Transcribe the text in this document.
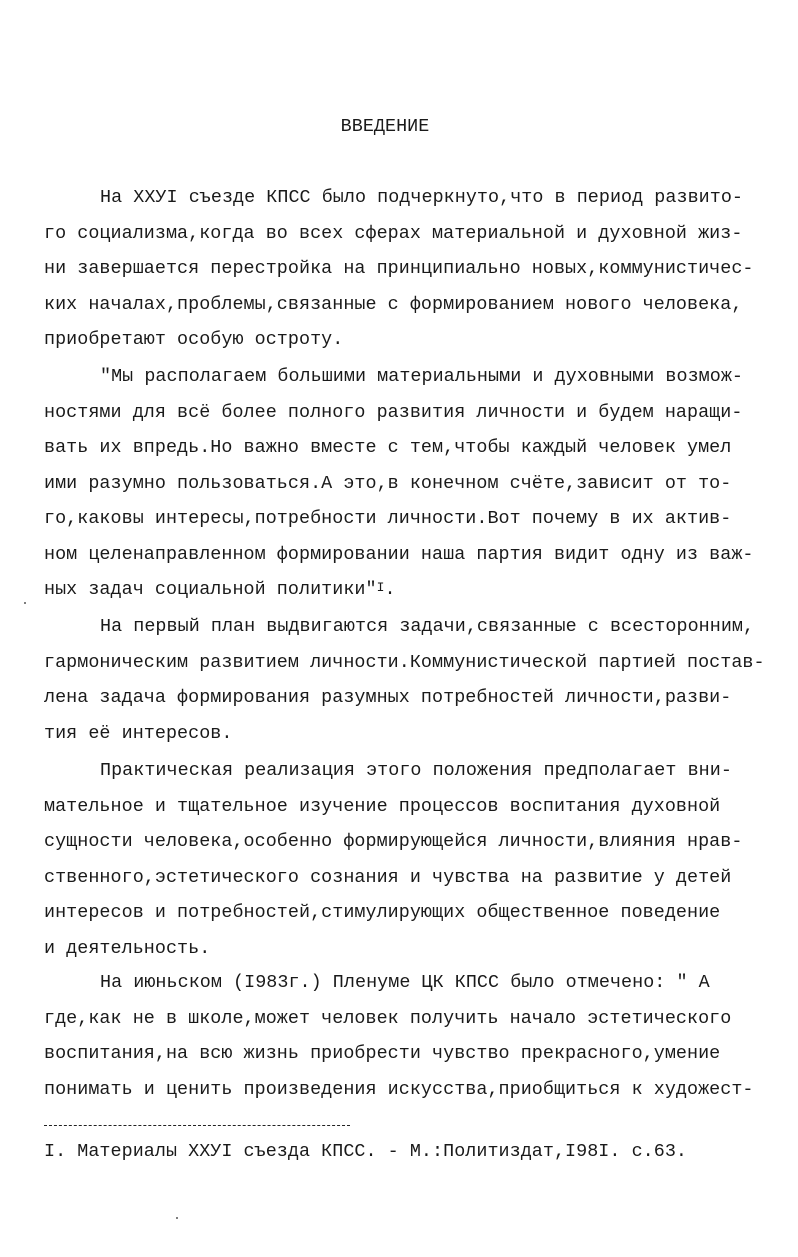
ВВЕДЕНИЕ
На ХХУI съезде КПСС было подчеркнуто,что в период развито-
го социализма,когда во всех сферах материальной и духовной жиз-
ни завершается перестройка на принципиально новых,коммунистичес-
ких началах,проблемы,связанные с формированием нового человека,
приобретают особую остроту.
"Мы располагаем большими материальными и духовными возмож-
ностями для всё более полного развития личности и будем наращи-
вать их впредь.Но важно вместе с тем,чтобы каждый человек умел
ими разумно пользоваться.А это,в конечном счёте,зависит от то-
го,каковы интересы,потребности личности.Вот почему в их актив-
ном целенаправленном формировании наша партия видит одну из важ-
ных задач социальной политики"$^I$.
На первый план выдвигаются задачи,связанные с всесторонним,
гармоническим развитием личности.Коммунистической партией постав-
лена задача формирования разумных потребностей личности,разви-
тия её интересов.
Практическая реализация этого положения предполагает вни-
мательное и тщательное изучение процессов воспитания духовной
сущности человека,особенно формирующейся личности,влияния нрав-
ственного,эстетического сознания и чувства на развитие у детей
интересов и потребностей,стимулирующих общественное поведение
и деятельность.
На июньском (I983г.) Пленуме ЦК КПСС было отмечено: " А
где,как не в школе,может человек получить начало эстетического
воспитания,на всю жизнь приобрести чувство прекрасного,умение
понимать и ценить произведения искусства,приобщиться к художест-
I. Материалы ХХУI съезда КПСС. - М.:Политиздат,I98I. с.63.
